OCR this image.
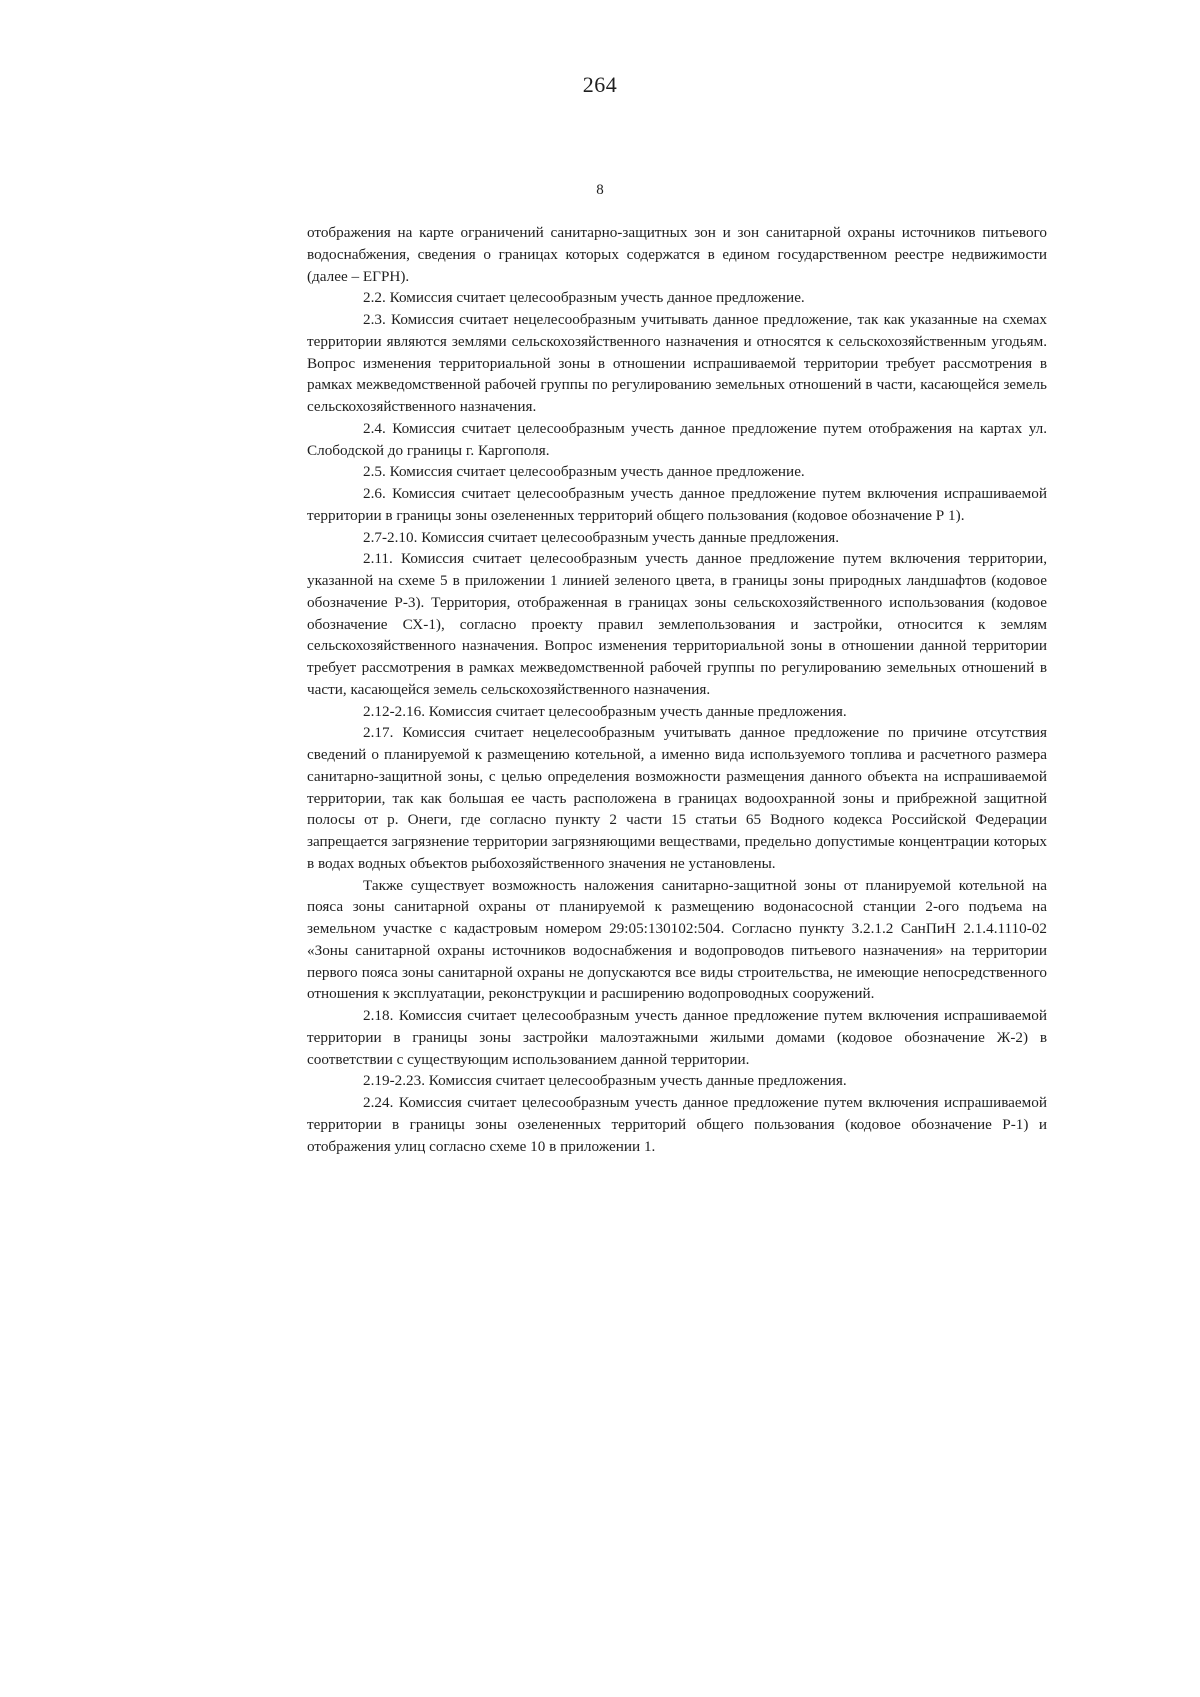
264
8

отображения на карте ограничений санитарно-защитных зон и зон санитарной охраны источников питьевого водоснабжения, сведения о границах которых содержатся в едином государственном реестре недвижимости (далее – ЕГРН).

2.2. Комиссия считает целесообразным учесть данное предложение.

2.3. Комиссия считает нецелесообразным учитывать данное предложение, так как указанные на схемах территории являются землями сельскохозяйственного назначения и относятся к сельскохозяйственным угодьям. Вопрос изменения территориальной зоны в отношении испрашиваемой территории требует рассмотрения в рамках межведомственной рабочей группы по регулированию земельных отношений в части, касающейся земель сельскохозяйственного назначения.

2.4. Комиссия считает целесообразным учесть данное предложение путем отображения на картах ул. Слободской до границы г. Каргополя.

2.5. Комиссия считает целесообразным учесть данное предложение.

2.6. Комиссия считает целесообразным учесть данное предложение путем включения испрашиваемой территории в границы зоны озелененных территорий общего пользования (кодовое обозначение Р 1).

2.7-2.10. Комиссия считает целесообразным учесть данные предложения.

2.11. Комиссия считает целесообразным учесть данное предложение путем включения территории, указанной на схеме 5 в приложении 1 линией зеленого цвета, в границы зоны природных ландшафтов (кодовое обозначение Р-3). Территория, отображенная в границах зоны сельскохозяйственного использования (кодовое обозначение СХ-1), согласно проекту правил землепользования и застройки, относится к землям сельскохозяйственного назначения. Вопрос изменения территориальной зоны в отношении данной территории требует рассмотрения в рамках межведомственной рабочей группы по регулированию земельных отношений в части, касающейся земель сельскохозяйственного назначения.

2.12-2.16. Комиссия считает целесообразным учесть данные предложения.

2.17. Комиссия считает нецелесообразным учитывать данное предложение по причине отсутствия сведений о планируемой к размещению котельной, а именно вида используемого топлива и расчетного размера санитарно-защитной зоны, с целью определения возможности размещения данного объекта на испрашиваемой территории, так как большая ее часть расположена в границах водоохранной зоны и прибрежной защитной полосы от р. Онеги, где согласно пункту 2 части 15 статьи 65 Водного кодекса Российской Федерации запрещается загрязнение территории загрязняющими веществами, предельно допустимые концентрации которых в водах водных объектов рыбохозяйственного значения не установлены.

Также существует возможность наложения санитарно-защитной зоны от планируемой котельной на пояса зоны санитарной охраны от планируемой к размещению водонасосной станции 2-ого подъема на земельном участке с кадастровым номером 29:05:130102:504. Согласно пункту 3.2.1.2 СанПиН 2.1.4.1110-02 «Зоны санитарной охраны источников водоснабжения и водопроводов питьевого назначения» на территории первого пояса зоны санитарной охраны не допускаются все виды строительства, не имеющие непосредственного отношения к эксплуатации, реконструкции и расширению водопроводных сооружений.

2.18. Комиссия считает целесообразным учесть данное предложение путем включения испрашиваемой территории в границы зоны застройки малоэтажными жилыми домами (кодовое обозначение Ж-2) в соответствии с существующим использованием данной территории.

2.19-2.23. Комиссия считает целесообразным учесть данные предложения.

2.24. Комиссия считает целесообразным учесть данное предложение путем включения испрашиваемой территории в границы зоны озелененных территорий общего пользования (кодовое обозначение Р-1) и отображения улиц согласно схеме 10 в приложении 1.
